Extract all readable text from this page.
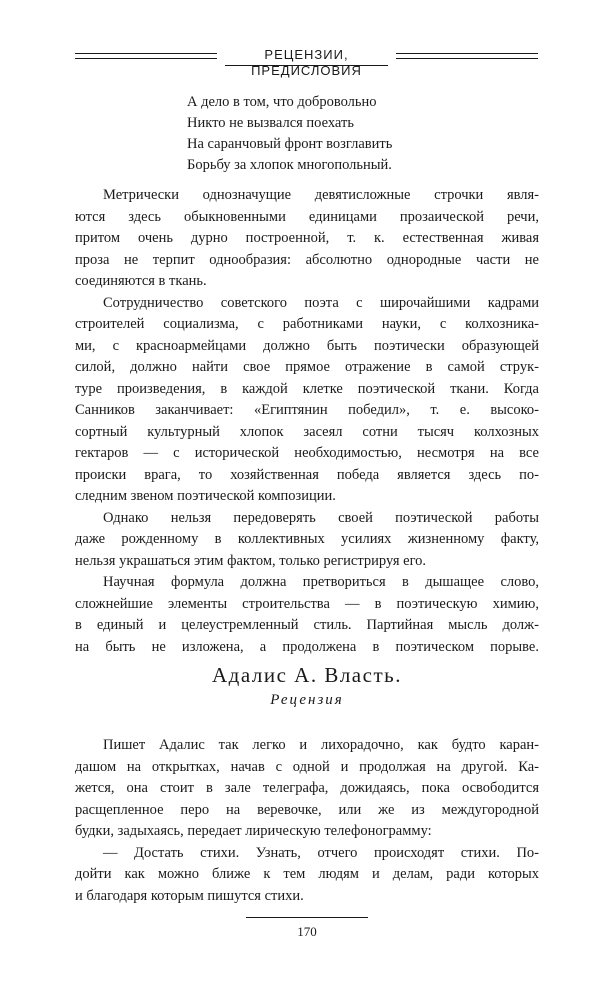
РЕЦЕНЗИИ, ПРЕДИСЛОВИЯ
А дело в том, что добровольно
Никто не вызвался поехать
На саранчовый фронт возглавить
Борьбу за хлопок многопольный.
Метрически однозначущие девятисложные строчки явля-
ются здесь обыкновенными единицами прозаической речи,
притом очень дурно построенной, т. к. естественная живая
проза не терпит однообразия: абсолютно однородные части не
соединяются в ткань.
Сотрудничество советского поэта с широчайшими кадрами
строителей социализма, с работниками науки, с колхозника-
ми, с красноармейцами должно быть поэтически образующей
силой, должно найти свое прямое отражение в самой струк-
туре произведения, в каждой клетке поэтической ткани. Когда
Санников заканчивает: «Египтянин победил», т. е. высоко-
сортный культурный хлопок засеял сотни тысяч колхозных
гектаров — с исторической необходимостью, несмотря на все
происки врага, то хозяйственная победа является здесь по-
следним звеном поэтической композиции.
Однако нельзя передоверять своей поэтической работы
даже рожденному в коллективных усилиях жизненному факту,
нельзя украшаться этим фактом, только регистрируя его.
Научная формула должна претвориться в дышащее слово,
сложнейшие элементы строительства — в поэтическую химию,
в единый и целеустремленный стиль. Партийная мысль долж-
на быть не изложена, а продолжена в поэтическом порыве.
Адалис А. Власть.
Рецензия
Пишет Адалис так легко и лихорадочно, как будто каран-
дашом на открытках, начав с одной и продолжая на другой. Ка-
жется, она стоит в зале телеграфа, дожидаясь, пока освободится
расщепленное перо на веревочке, или же из междугородной
будки, задыхаясь, передает лирическую телефонограмму:
— Достать стихи. Узнать, отчего происходят стихи. По-
дойти как можно ближе к тем людям и делам, ради которых
и благодаря которым пишутся стихи.
170
